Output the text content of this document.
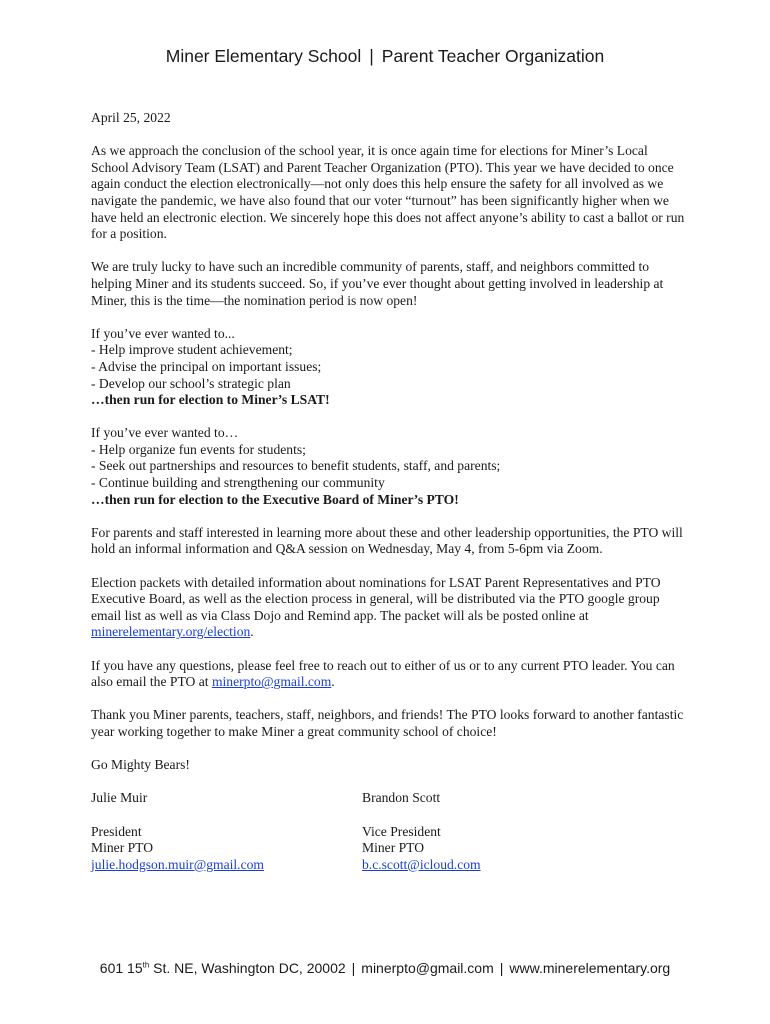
Miner Elementary School | Parent Teacher Organization

April 25, 2022

As we approach the conclusion of the school year, it is once again time for elections for Miner’s Local School Advisory Team (LSAT) and Parent Teacher Organization (PTO). This year we have decided to once again conduct the election electronically—not only does this help ensure the safety for all involved as we navigate the pandemic, we have also found that our voter “turnout” has been significantly higher when we have held an electronic election. We sincerely hope this does not affect anyone’s ability to cast a ballot or run for a position.

We are truly lucky to have such an incredible community of parents, staff, and neighbors committed to helping Miner and its students succeed. So, if you’ve ever thought about getting involved in leadership at Miner, this is the time—the nomination period is now open!

If you’ve ever wanted to...
- Help improve student achievement;
- Advise the principal on important issues;
- Develop our school’s strategic plan
…then run for election to Miner’s LSAT!

If you’ve ever wanted to…
- Help organize fun events for students;
- Seek out partnerships and resources to benefit students, staff, and parents;
- Continue building and strengthening our community
…then run for election to the Executive Board of Miner’s PTO!

For parents and staff interested in learning more about these and other leadership opportunities, the PTO will hold an informal information and Q&A session on Wednesday, May 4, from 5-6pm via Zoom.

Election packets with detailed information about nominations for LSAT Parent Representatives and PTO Executive Board, as well as the election process in general, will be distributed via the PTO google group email list as well as via Class Dojo and Remind app. The packet will als be posted online at minerelementary.org/election.

If you have any questions, please feel free to reach out to either of us or to any current PTO leader. You can also email the PTO at minerpto@gmail.com.

Thank you Miner parents, teachers, staff, neighbors, and friends! The PTO looks forward to another fantastic year working together to make Miner a great community school of choice!

Go Mighty Bears!

Julie Muir
President
Miner PTO
julie.hodgson.muir@gmail.com
Brandon Scott
Vice President
Miner PTO
b.c.scott@icloud.com
601 15th St. NE, Washington DC, 20002 | minerpto@gmail.com | www.minerelementary.org
